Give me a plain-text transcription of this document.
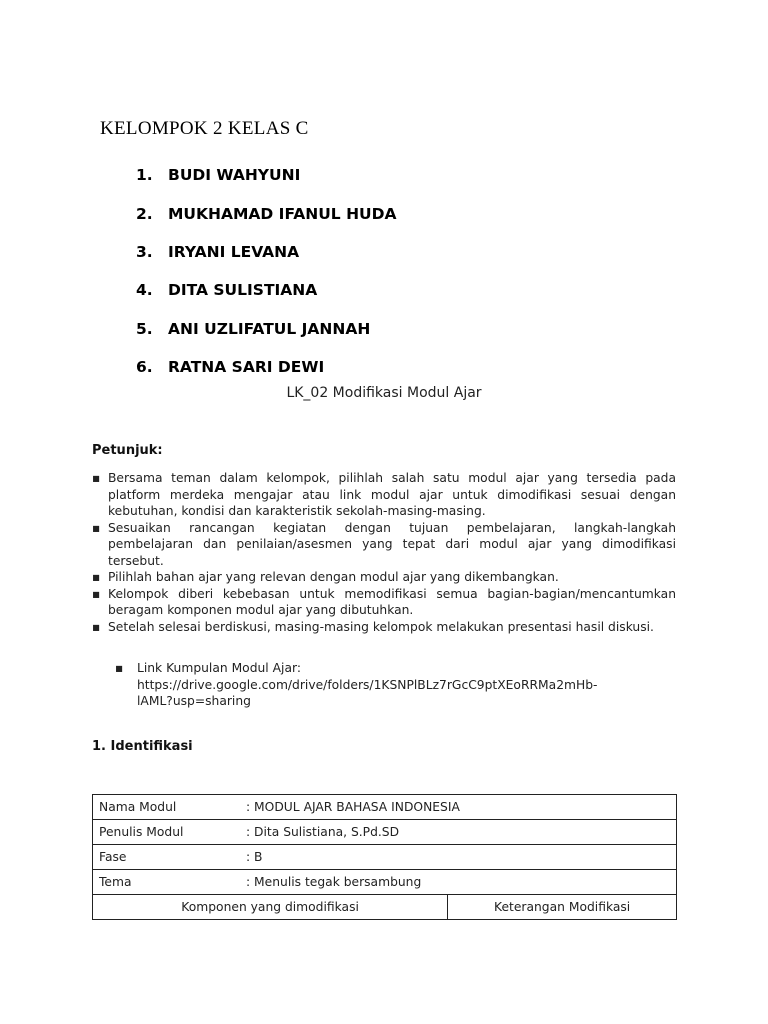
KELOMPOK 2 KELAS C
1. BUDI WAHYUNI
2. MUKHAMAD IFANUL HUDA
3. IRYANI LEVANA
4. DITA SULISTIANA
5. ANI UZLIFATUL JANNAH
6. RATNA SARI DEWI
LK_02 Modifikasi Modul Ajar
Petunjuk:
▪ Bersama teman dalam kelompok, pilihlah salah satu modul ajar yang tersedia pada platform merdeka mengajar atau link modul ajar untuk dimodifikasi sesuai dengan kebutuhan, kondisi dan karakteristik sekolah-masing-masing.
▪ Sesuaikan rancangan kegiatan dengan tujuan pembelajaran, langkah-langkah pembelajaran dan penilaian/asesmen yang tepat dari modul ajar yang dimodifikasi tersebut.
▪ Pilihlah bahan ajar yang relevan dengan modul ajar yang dikembangkan.
▪ Kelompok diberi kebebasan untuk memodifikasi semua bagian-bagian/mencantumkan beragam komponen modul ajar yang dibutuhkan.
▪ Setelah selesai berdiskusi, masing-masing kelompok melakukan presentasi hasil diskusi.
▪ Link Kumpulan Modul Ajar:
https://drive.google.com/drive/folders/1KSNPlBLz7rGcC9ptXEoRRMa2mHb-
lAML?usp=sharing
1. Identifikasi
Nama Modul	: MODUL AJAR BAHASA INDONESIA	
Penulis Modul	: Dita Sulistiana, S.Pd.SD	
Fase	: B	
Tema	: Menulis tegak bersambung	
Komponen yang dimodifikasi		Keterangan Modifikasi
